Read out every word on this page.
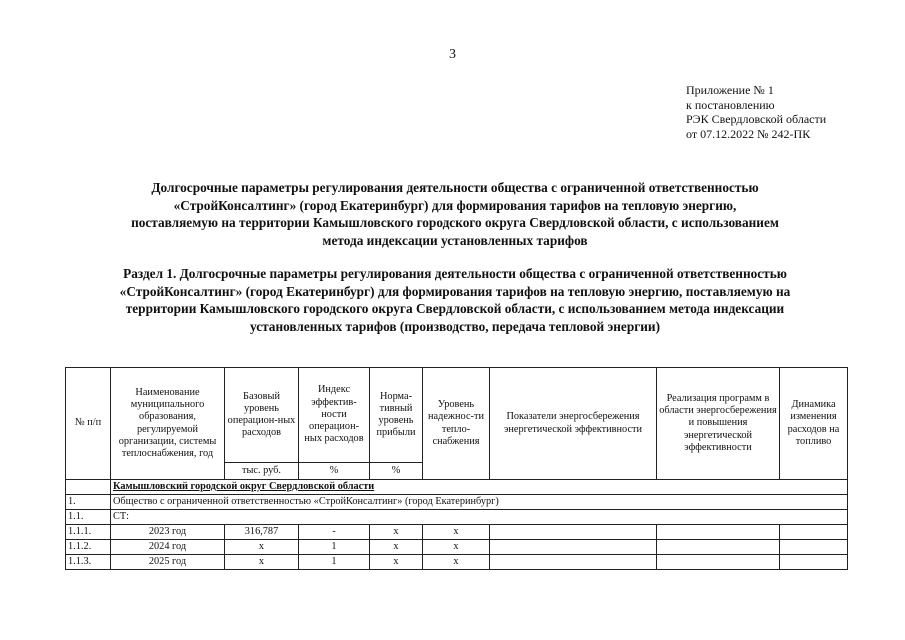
3
Приложение № 1
к постановлению
РЭК Свердловской области
от 07.12.2022 № 242-ПК
Долгосрочные параметры регулирования деятельности общества с ограниченной ответственностью
«СтройКонсалтинг» (город Екатеринбург) для формирования тарифов на тепловую энергию,
поставляемую на территории Камышловского городского округа Свердловской области, с использованием
метода индексации установленных тарифов
Раздел 1. Долгосрочные параметры регулирования деятельности общества с ограниченной ответственностью
«СтройКонсалтинг» (город Екатеринбург) для формирования тарифов на тепловую энергию, поставляемую на
территории Камышловского городского округа Свердловской области, с использованием метода индексации
установленных тарифов (производство, передача тепловой энергии)
№ п/п	Наименование муниципального образования, регулируемой организации, системы теплоснабжения, год	Базовый уровень операцион-ных расходов	Индекс эффектив-ности операцион-ных расходов	Норма-тивный уровень прибыли	Уровень надежнос-ти тепло-снабжения	Показатели энергосбережения энергетической эффективности	Реализация программ в области энергосбережения и повышения энергетической эффективности	Динамика изменения расходов на топливо
		тыс. руб.	%	%				
	Камышловский городской округ Свердловской области							
1.	Общество с ограниченной ответственностью «СтройКонсалтинг» (город Екатеринбург)							
1.1.	СТ:							
1.1.1.	2023 год	316,787	-	х	х			
1.1.2.	2024 год	х	1	х	х			
1.1.3.	2025 год	х	1	х	х			
